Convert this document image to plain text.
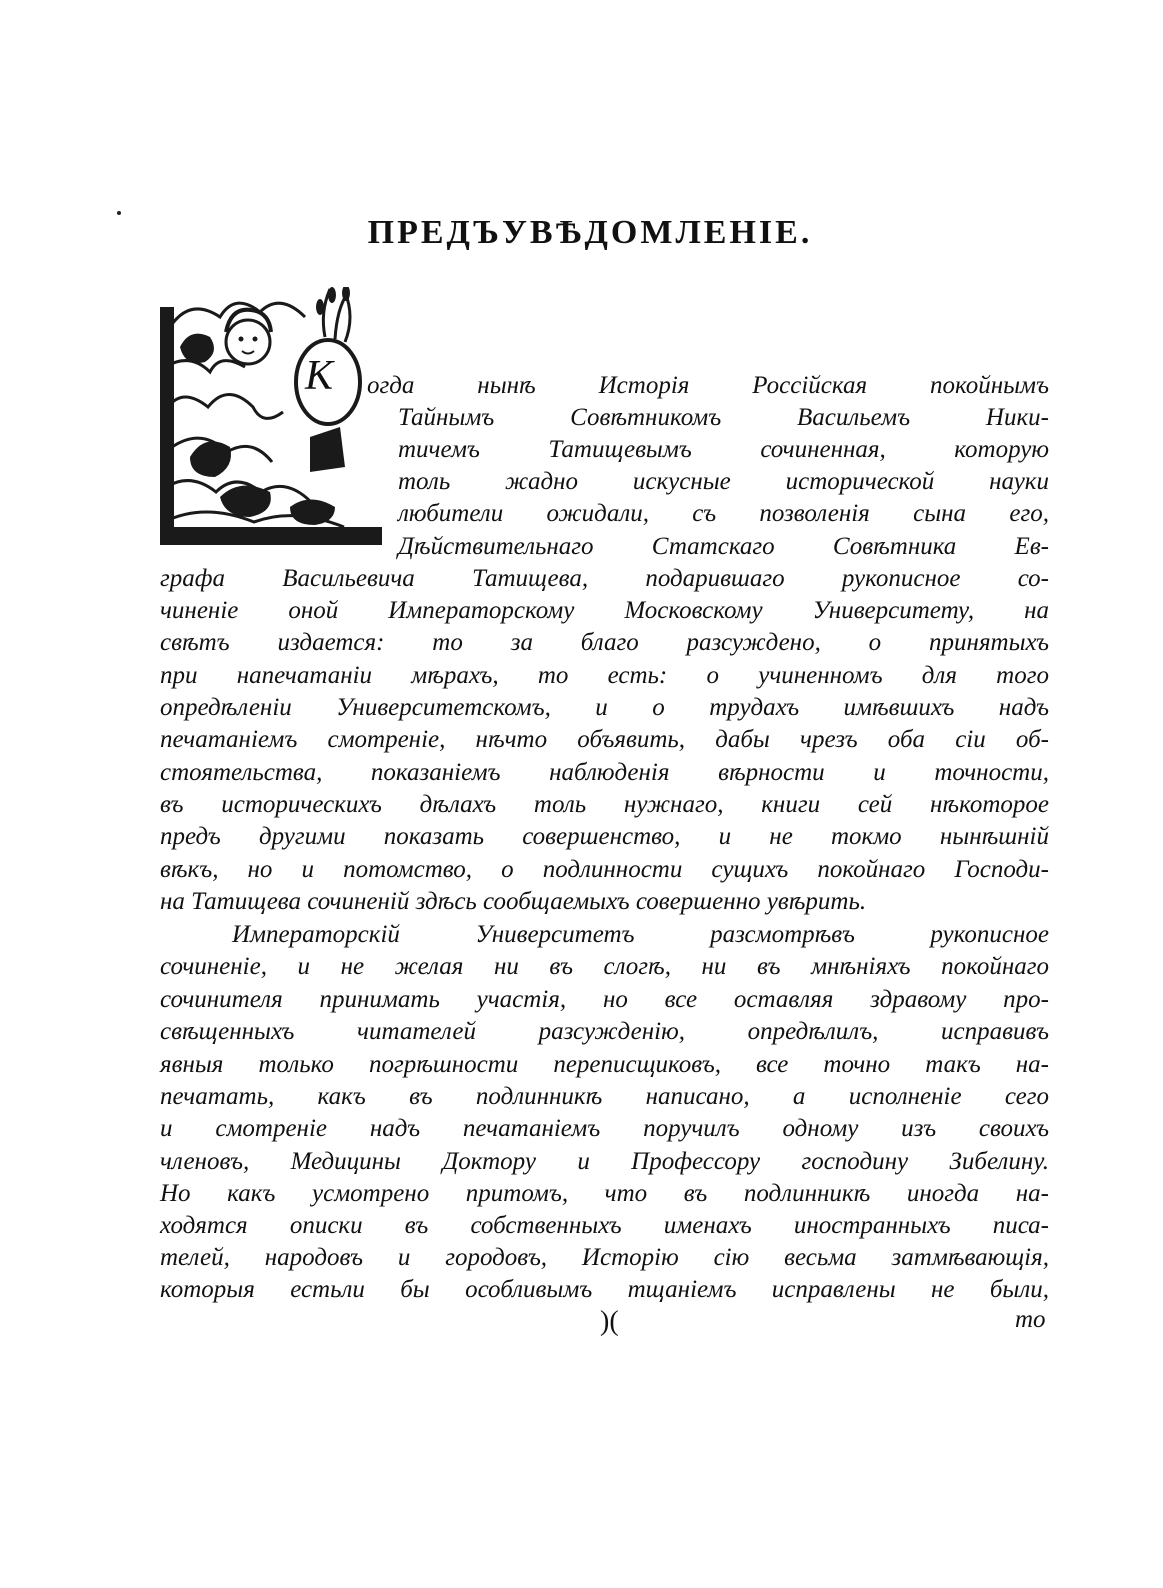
ПРЕДЪУВѢДОМЛЕНІЕ.
К огда нынѣ Исторія Россійская покойнымъ
Тайнымъ Совѣтникомъ Васильемъ Ники-
тичемъ Татищевымъ сочиненная, которую
толь жадно искусные исторической науки
любители ожидали, съ позволенія сына его,
Дѣйствительнаго Статскаго Совѣтника Ев-
графа Васильевича Татищева, подарившаго рукописное со-
чиненіе оной Императорскому Московскому Университету, на
свѣтъ издается: то за благо разсуждено, о принятыхъ
при напечатаніи мѣрахъ, то есть: о учиненномъ для того
опредѣленіи Университетскомъ, и о трудахъ имѣвшихъ надъ
печатаніемъ смотреніе, нѣчто объявить, дабы чрезъ оба сіи об-
стоятельства, показаніемъ наблюденія вѣрности и точности,
въ историческихъ дѣлахъ толь нужнаго, книги сей нѣкоторое
предъ другими показать совершенство, и не токмо нынѣшній
вѣкъ, но и потомство, о подлинности сущихъ покойнаго Господи-
на Татищева сочиненій здѣсь сообщаемыхъ совершенно увѣрить.
Императорскій Университетъ разсмотрѣвъ рукописное
сочиненіе, и не желая ни въ слогѣ, ни въ мнѣніяхъ покойнаго
сочинителя принимать участія, но все оставляя здравому про-
свѣщенныхъ читателей разсужденію, опредѣлилъ, исправивъ
явныя только погрѣшности переписщиковъ, все точно такъ на-
печатать, какъ въ подлинникѣ написано, а исполненіе сего
и смотреніе надъ печатаніемъ поручилъ одному изъ своихъ
членовъ, Медицины Доктору и Профессору господину Зибелину.
Но какъ усмотрено притомъ, что въ подлинникѣ иногда на-
ходятся описки въ собственныхъ именахъ иностранныхъ писа-
телей, народовъ и городовъ, Исторію сію весьма затмѣвающія,
которыя естьли бы особливымъ тщаніемъ исправлены не были,
)(	то
